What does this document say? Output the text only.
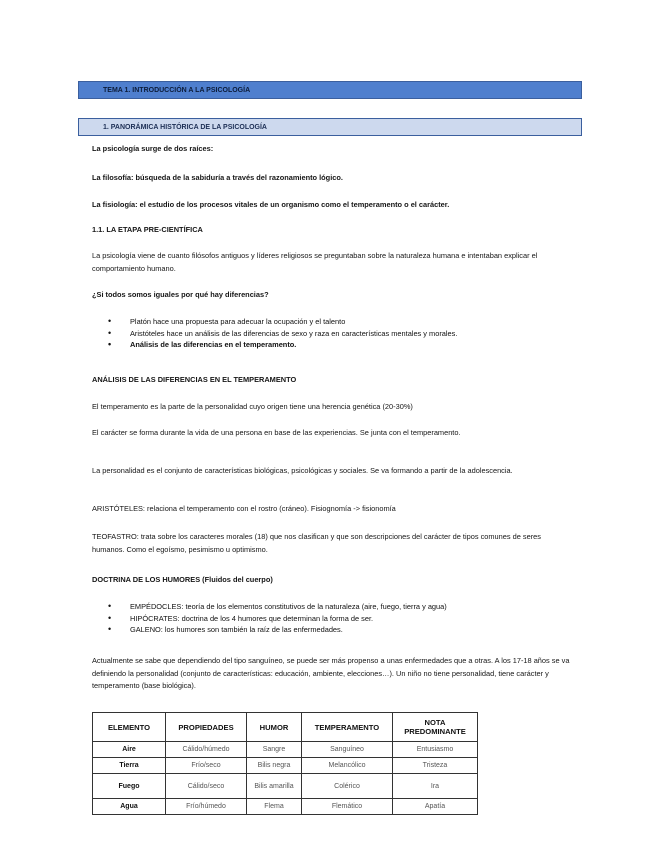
TEMA 1. INTRODUCCIÓN A LA PSICOLOGÍA
1. PANORÁMICA HISTÓRICA DE LA PSICOLOGÍA
La psicología surge de dos raíces:
La filosofía: búsqueda de la sabiduría a través del razonamiento lógico.
La fisiología: el estudio de los procesos vitales de un organismo como el temperamento o el carácter.
1.1. LA ETAPA PRE-CIENTÍFICA
La psicología viene de cuanto filósofos antiguos y líderes religiosos se preguntaban sobre la naturaleza humana e intentaban explicar el comportamiento humano.
¿Si todos somos iguales por qué hay diferencias?
• Platón hace una propuesta para adecuar la ocupación y el talento
• Aristóteles hace un análisis de las diferencias de sexo y raza en características mentales y morales.
• Análisis de las diferencias en el temperamento.
ANÁLISIS DE LAS DIFERENCIAS EN EL TEMPERAMENTO
El temperamento es la parte de la personalidad cuyo origen tiene una herencia genética (20-30%)
El carácter se forma durante la vida de una persona en base de las experiencias. Se junta con el temperamento.
La personalidad es el conjunto de características biológicas, psicológicas y sociales. Se va formando a partir de la adolescencia.
ARISTÓTELES: relaciona el temperamento con el rostro (cráneo). Fisiognomía -> fisionomía
TEOFASTRO: trata sobre los caracteres morales (18) que nos clasifican y que son descripciones del carácter de tipos comunes de seres humanos. Como el egoísmo, pesimismo u optimismo.
DOCTRINA DE LOS HUMORES (Fluidos del cuerpo)
• EMPÉDOCLES: teoría de los elementos constitutivos de la naturaleza (aire, fuego, tierra y agua)
• HIPÓCRATES: doctrina de los 4 humores que determinan la forma de ser.
• GALENO: los humores son también la raíz de las enfermedades.
Actualmente se sabe que dependiendo del tipo sanguíneo, se puede ser más propenso a unas enfermedades que a otras. A los 17-18 años se va definiendo la personalidad (conjunto de características: educación, ambiente, elecciones…). Un niño no tiene personalidad, tiene carácter y temperamento (base biológica).
ELEMENTO	PROPIEDADES	HUMOR	TEMPERAMENTO	NOTA PREDOMINANTE
Aire	Cálido/húmedo	Sangre	Sanguíneo	Entusiasmo
Tierra	Frío/seco	Bilis negra	Melancólico	Tristeza
Fuego	Cálido/seco	Bilis amarilla	Colérico	Ira
Agua	Frío/húmedo	Flema	Flemático	Apatía
